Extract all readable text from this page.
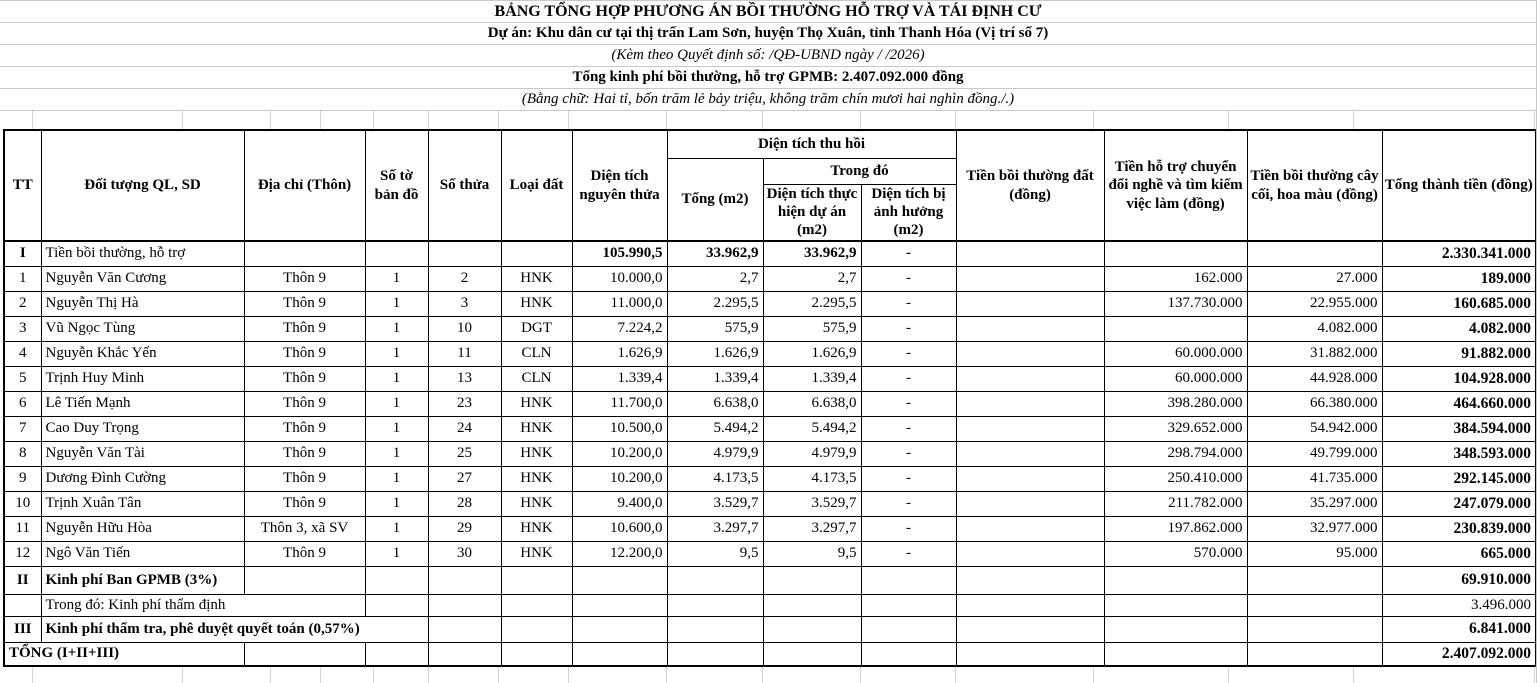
BẢNG TỔNG HỢP PHƯƠNG ÁN BỒI THƯỜNG HỖ TRỢ VÀ TÁI ĐỊNH CƯ
Dự án: Khu dân cư tại thị trấn Lam Sơn, huyện Thọ Xuân, tỉnh Thanh Hóa (Vị trí số 7)
(Kèm theo Quyết định số: /QĐ-UBND ngày / /2026)
Tổng kinh phí bồi thường, hỗ trợ GPMB: 2.407.092.000 đồng
(Bằng chữ: Hai tỉ, bốn trăm lẻ bảy triệu, không trăm chín mươi hai nghìn đồng./.)
TT	Đối tượng QL, SD	Địa chỉ (Thôn)	Số tờ bản đồ	Số thửa	Loại đất	Diện tích nguyên thửa	Diện tích thu hồi			Tiền bồi thường đất (đồng)	Tiền hỗ trợ chuyển đổi nghề và tìm kiếm việc làm (đồng)	Tiền bồi thường cây cối, hoa màu (đồng)	Tổng thành tiền (đồng)
							Tổng (m2)	Trong đó					
								Diện tích thực hiện dự án (m2)	Diện tích bị ảnh hưởng (m2)				
I	Tiền bồi thường, hỗ trợ					105.990,5	33.962,9	33.962,9	-				2.330.341.000
1	Nguyễn Văn Cương	Thôn 9	1	2	HNK	10.000,0	2,7	2,7	-		162.000	27.000	189.000
2	Nguyễn Thị Hà	Thôn 9	1	3	HNK	11.000,0	2.295,5	2.295,5	-		137.730.000	22.955.000	160.685.000
3	Vũ Ngọc Tùng	Thôn 9	1	10	DGT	7.224,2	575,9	575,9	-			4.082.000	4.082.000
4	Nguyễn Khắc Yến	Thôn 9	1	11	CLN	1.626,9	1.626,9	1.626,9	-		60.000.000	31.882.000	91.882.000
5	Trịnh Huy Minh	Thôn 9	1	13	CLN	1.339,4	1.339,4	1.339,4	-		60.000.000	44.928.000	104.928.000
6	Lê Tiến Mạnh	Thôn 9	1	23	HNK	11.700,0	6.638,0	6.638,0	-		398.280.000	66.380.000	464.660.000
7	Cao Duy Trọng	Thôn 9	1	24	HNK	10.500,0	5.494,2	5.494,2	-		329.652.000	54.942.000	384.594.000
8	Nguyễn Văn Tài	Thôn 9	1	25	HNK	10.200,0	4.979,9	4.979,9	-		298.794.000	49.799.000	348.593.000
9	Dương Đình Cường	Thôn 9	1	27	HNK	10.200,0	4.173,5	4.173,5	-		250.410.000	41.735.000	292.145.000
10	Trịnh Xuân Tân	Thôn 9	1	28	HNK	9.400,0	3.529,7	3.529,7	-		211.782.000	35.297.000	247.079.000
11	Nguyễn Hữu Hòa	Thôn 3, xã SV	1	29	HNK	10.600,0	3.297,7	3.297,7	-		197.862.000	32.977.000	230.839.000
12	Ngô Văn Tiến	Thôn 9	1	30	HNK	12.200,0	9,5	9,5	-		570.000	95.000	665.000
II	Kinh phí Ban GPMB (3%)												69.910.000
	Trong đó: Kinh phí thẩm định												3.496.000
III	Kinh phí thẩm tra, phê duyệt quyết toán (0,57%)												6.841.000
TỔNG (I+II+III)													2.407.092.000
